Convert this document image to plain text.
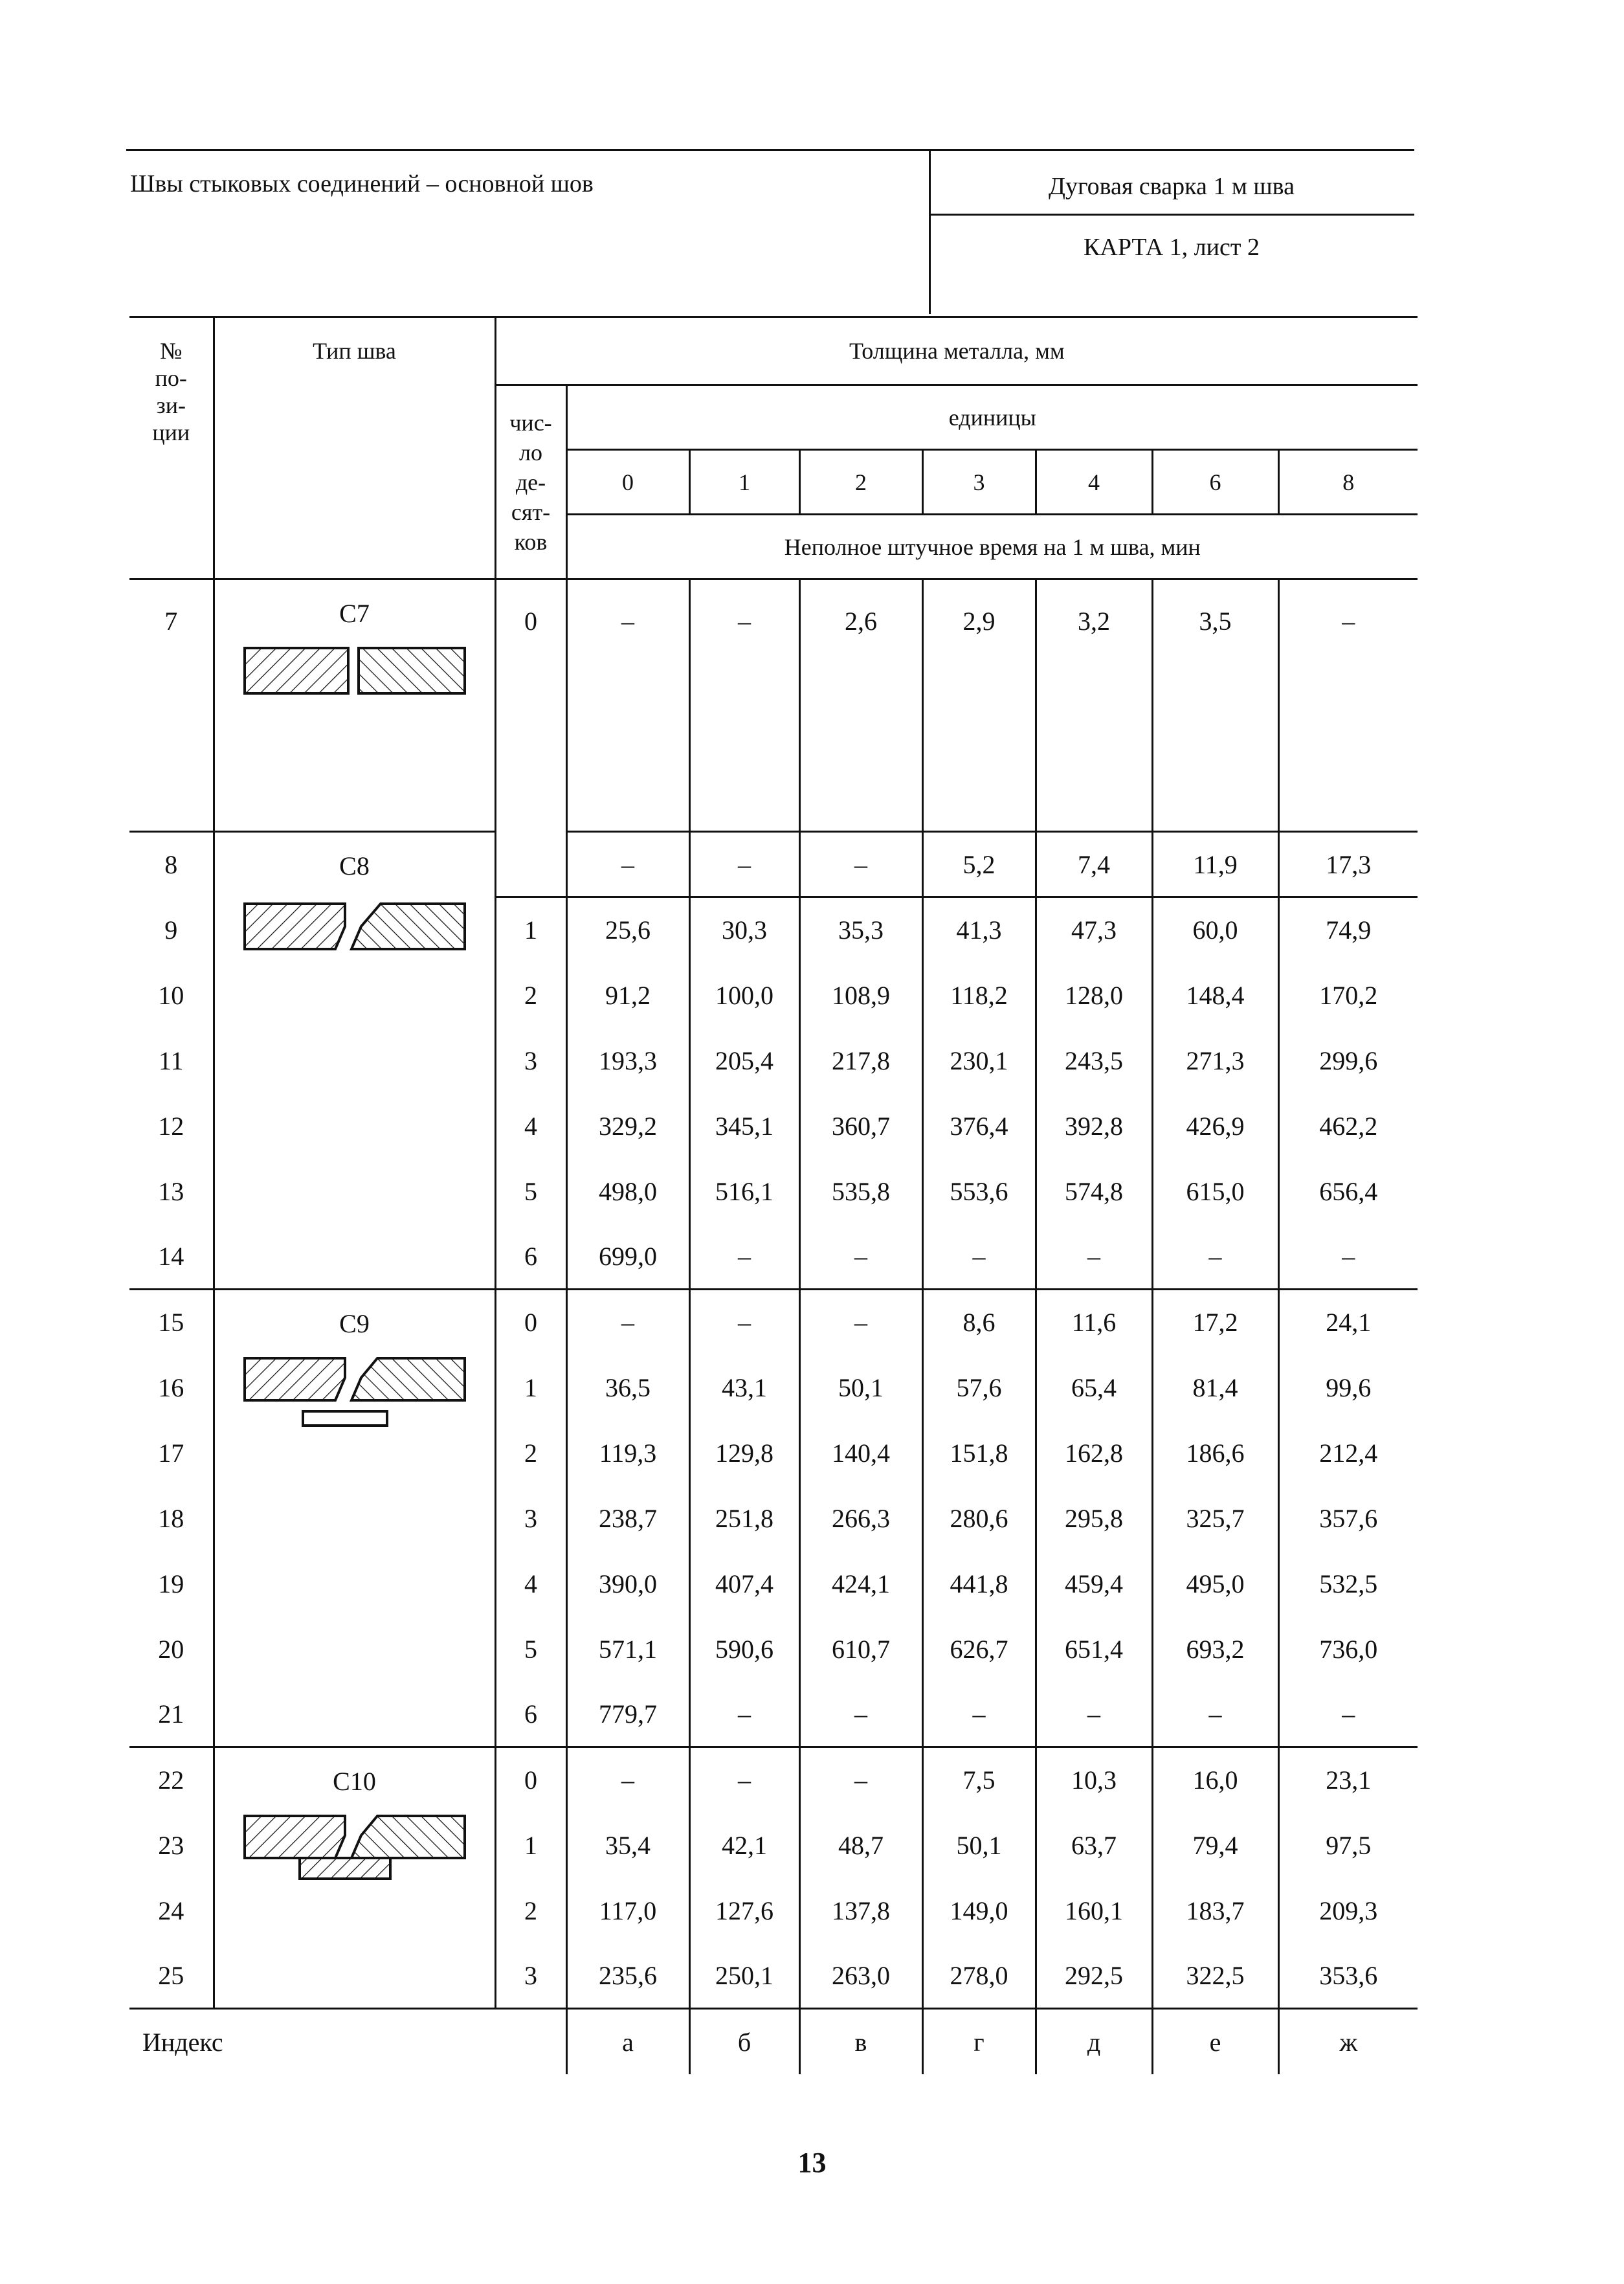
Швы стыковых соединений – основной шов	Дуговая сварка 1 м шва
КАРТА 1, лист 2
№
по-
зи-
ции	Тип шва	Толщина металла, мм							

		чис-
ло
де-
сят-
ков	единицы						
			0	1	2	3	4	6	8
			Неполное штучное время на 1 м шва, мин						
7	С7	0	–	–	2,6	2,9	3,2	3,5	–
8	С8		–	–	–	5,2	7,4	11,9	17,3
9		1	25,6	30,3	35,3	41,3	47,3	60,0	74,9
10		2	91,2	100,0	108,9	118,2	128,0	148,4	170,2
11		3	193,3	205,4	217,8	230,1	243,5	271,3	299,6
12		4	329,2	345,1	360,7	376,4	392,8	426,9	462,2
13		5	498,0	516,1	535,8	553,6	574,8	615,0	656,4
14		6	699,0	–	–	–	–	–	–
15	С9	0	–	–	–	8,6	11,6	17,2	24,1
16		1	36,5	43,1	50,1	57,6	65,4	81,4	99,6
17		2	119,3	129,8	140,4	151,8	162,8	186,6	212,4
18		3	238,7	251,8	266,3	280,6	295,8	325,7	357,6
19		4	390,0	407,4	424,1	441,8	459,4	495,0	532,5
20		5	571,1	590,6	610,7	626,7	651,4	693,2	736,0
21		6	779,7	–	–	–	–	–	–
22	С10	0	–	–	–	7,5	10,3	16,0	23,1
23		1	35,4	42,1	48,7	50,1	63,7	79,4	97,5
24		2	117,0	127,6	137,8	149,0	160,1	183,7	209,3
25		3	235,6	250,1	263,0	278,0	292,5	322,5	353,6
Индекс			а	б	в	г	д	е	ж
13
